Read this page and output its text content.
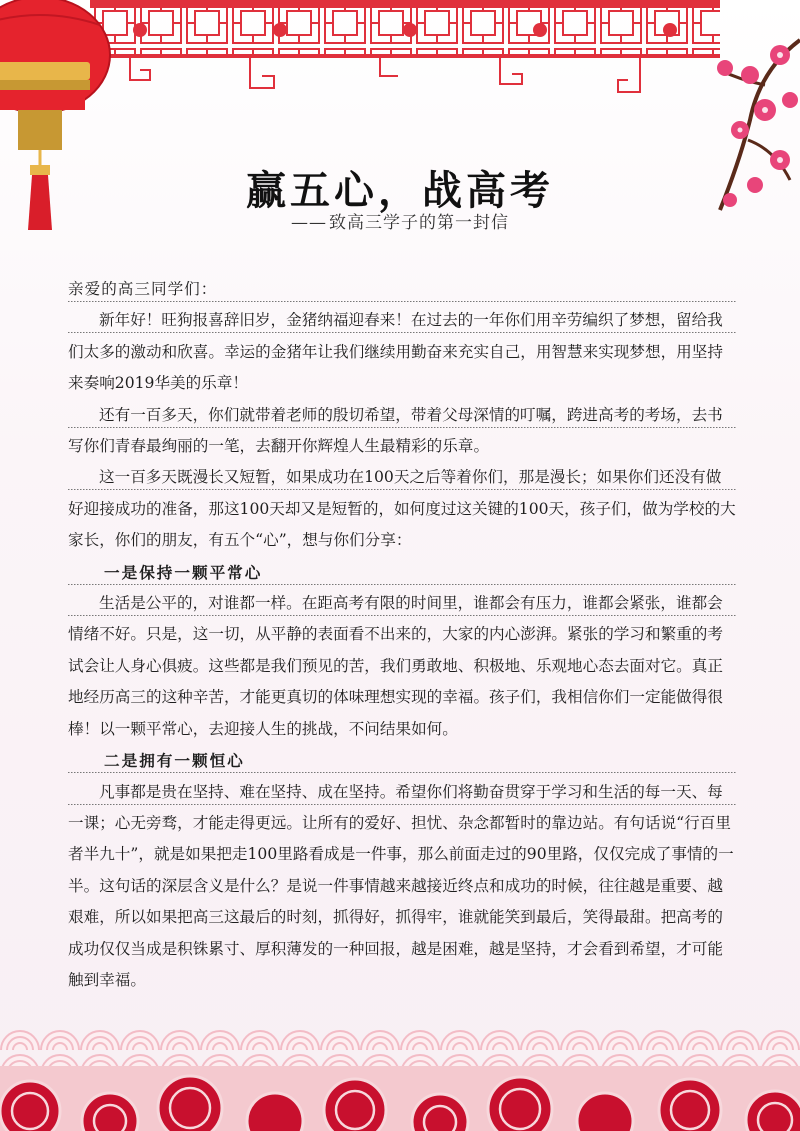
赢五心，战高考
—— 致高三学子的第一封信

亲爱的高三同学们：

新年好！旺狗报喜辞旧岁，金猪纳福迎春来！在过去的一年你们用辛劳编织了梦想，留给我们太多的激动和欣喜。幸运的金猪年让我们继续用勤奋来充实自己，用智慧来实现梦想，用坚持来奏响2019华美的乐章！

还有一百多天，你们就带着老师的殷切希望，带着父母深情的叮嘱，跨进高考的考场，去书写你们青春最绚丽的一笔，去翻开你辉煌人生最精彩的乐章。

这一百多天既漫长又短暂，如果成功在100天之后等着你们，那是漫长；如果你们还没有做好迎接成功的准备，那这100天却又是短暂的，如何度过这关键的100天，孩子们，做为学校的大家长，你们的朋友，有五个“心”，想与你们分享：

一是保持一颗平常心

生活是公平的，对谁都一样。在距高考有限的时间里，谁都会有压力，谁都会紧张，谁都会情绪不好。只是，这一切，从平静的表面看不出来的，大家的内心澎湃。紧张的学习和繁重的考试会让人身心俱疲。这些都是我们预见的苦，我们勇敢地、积极地、乐观地心态去面对它。真正地经历高三的这种辛苦，才能更真切的体味理想实现的幸福。孩子们，我相信你们一定能做得很棒！以一颗平常心，去迎接人生的挑战，不问结果如何。

二是拥有一颗恒心

凡事都是贵在坚持、难在坚持、成在坚持。希望你们将勤奋贯穿于学习和生活的每一天、每一课；心无旁骛，才能走得更远。让所有的爱好、担忧、杂念都暂时的靠边站。有句话说“行百里者半九十”，就是如果把走100里路看成是一件事，那么前面走过的90里路，仅仅完成了事情的一半。这句话的深层含义是什么？是说一件事情越来越接近终点和成功的时候，往往越是重要、越艰难，所以如果把高三这最后的时刻，抓得好，抓得牢，谁就能笑到最后，笑得最甜。把高考的成功仅仅当成是积铢累寸、厚积薄发的一种回报，越是困难，越是坚持，才会看到希望，才可能触到幸福。
